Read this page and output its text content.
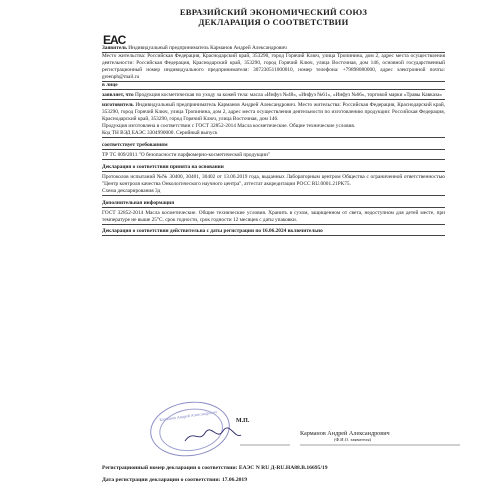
ЕВРАЗИЙСКИЙ ЭКОНОМИЧЕСКИЙ СОЮЗ
ДЕКЛАРАЦИЯ О СООТВЕТСТВИИ
EAC
Заявитель Индивидуальный предприниматель Карманов Андрей Александрович
Место жительства: Российская Федерация, Краснодарский край, 353290, город Горячий Ключ, улица Тропинина, дом 2, адрес места осуществления деятельности: Российская Федерация, Краснодарский край, 353290, город Горячий Ключ, улица Восточная, дом 146, основной государственный регистрационный номер индивидуального предпринимателя: 307230511000010, номер телефона: +79898080000, адрес электронной почты: greenph@mail.ru
в лице
заявляет, что Продукция косметическая по уходу за кожей тела: масла «Инфуз №48», «Инфуз №61», «Инфуз №66», торговой марки «Травы Кавказа»
изготовитель Индивидуальный предприниматель Карманов Андрей Александрович. Место жительства: Российская Федерация, Краснодарский край, 353290, город Горячий Ключ, улица Тропинина, дом 2, адрес места осуществления деятельности по изготовлению продукции: Российская Федерация, Краснодарский край, 353290, город Горячий Ключ, улица Восточная, дом 146.
Продукция изготовлена в соответствии с ГОСТ 32852-2014 Масла косметические. Общие технические условия.
Код ТН ВЭД ЕАЭС 3304990000. Серийный выпуск
соответствует требованиям
ТР ТС 009/2011 "О безопасности парфюмерно-косметической продукции"
Декларация о соответствии принята на основании
Протоколов испытаний №№ 30400, 30401, 30402 от 13.06.2019 года, выданных Лабораторным центром Общества с ограниченной ответственностью "Центр контроля качества Онкологического научного центра", аттестат аккредитации РОСС RU.0001.21РК75.
Схема декларирования 3д
Дополнительная информация
ГОСТ 32852-2014 Масла косметические. Общие технические условия. Хранить в сухом, защищенном от света, недоступном для детей месте, при температуре не выше 25°С. срок годности, срок годности 12 месяцев с даты упаковки.
Декларация о соответствии действительна с даты регистрации по 16.06.2024 включительно
Карманов Андрей Александрович	М.П.
Карманов Андрей Александрович
(Ф.И.О. заявителя)
Регистрационный номер декларации о соответствии: ЕАЭС N RU Д-RU.HA88.B.16695/19
Дата регистрации декларации о соответствии: 17.06.2019
